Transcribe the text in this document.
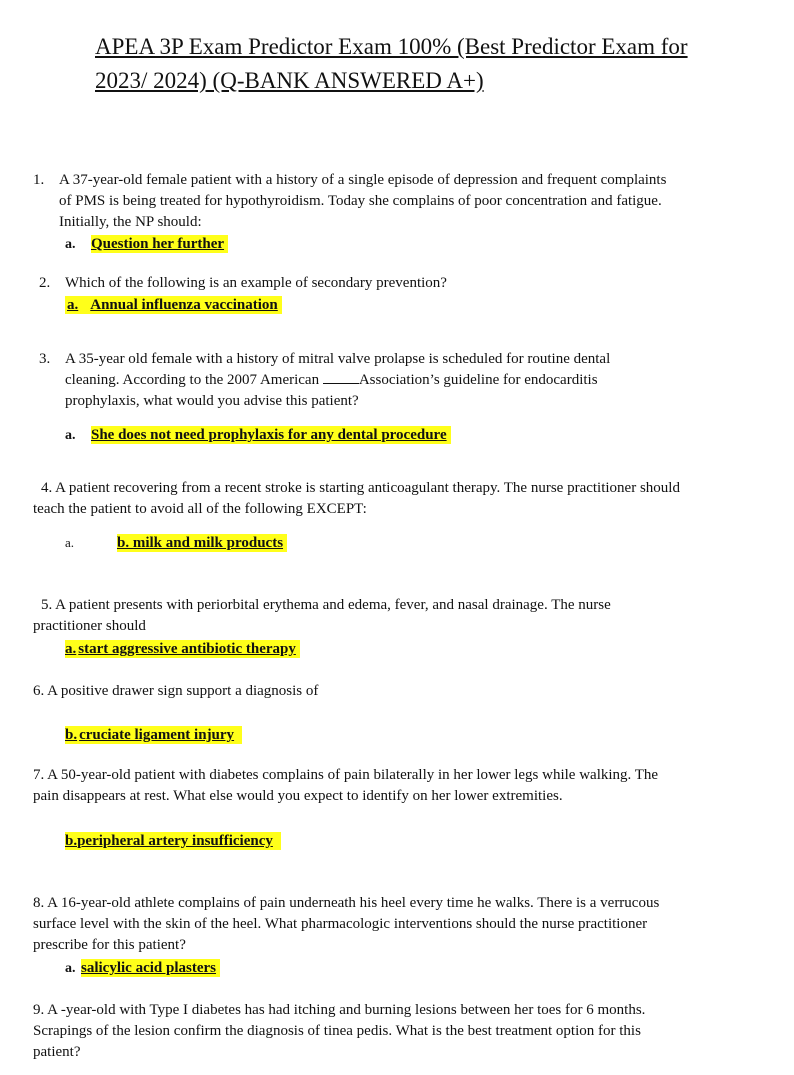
APEA 3P Exam Predictor Exam 100% (Best Predictor Exam for
2023/ 2024) (Q-BANK ANSWERED A+)
1. A 37-year-old female patient with a history of a single episode of depression and frequent complaints
of PMS is being treated for hypothyroidism. Today she complains of poor concentration and fatigue.
Initially, the NP should:
a. Question her further
2. Which of the following is an example of secondary prevention?
a. Annual influenza vaccination
3. A 35-year old female with a history of mitral valve prolapse is scheduled for routine dental
cleaning. According to the 2007 American	Association’s guideline for endocarditis
prophylaxis, what would you advise this patient?
a. She does not need prophylaxis for any dental procedure
4. A patient recovering from a recent stroke is starting anticoagulant therapy. The nurse practitioner should
teach the patient to avoid all of the following EXCEPT:
a.	b. milk and milk products
5. A patient presents with periorbital erythema and edema, fever, and nasal drainage. The nurse
practitioner should
a. start aggressive antibiotic therapy
6. A positive drawer sign support a diagnosis of
b. cruciate ligament injury
7. A 50-year-old patient with diabetes complains of pain bilaterally in her lower legs while walking. The
pain disappears at rest. What else would you expect to identify on her lower extremities.
b.peripheral artery insufficiency
8. A 16-year-old athlete complains of pain underneath his heel every time he walks. There is a verrucous
surface level with the skin of the heel. What pharmacologic interventions should the nurse practitioner
prescribe for this patient?
a. salicylic acid plasters
9. A -year-old with Type I diabetes has had itching and burning lesions between her toes for 6 months.
Scrapings of the lesion confirm the diagnosis of tinea pedis. What is the best treatment option for this
patient?
